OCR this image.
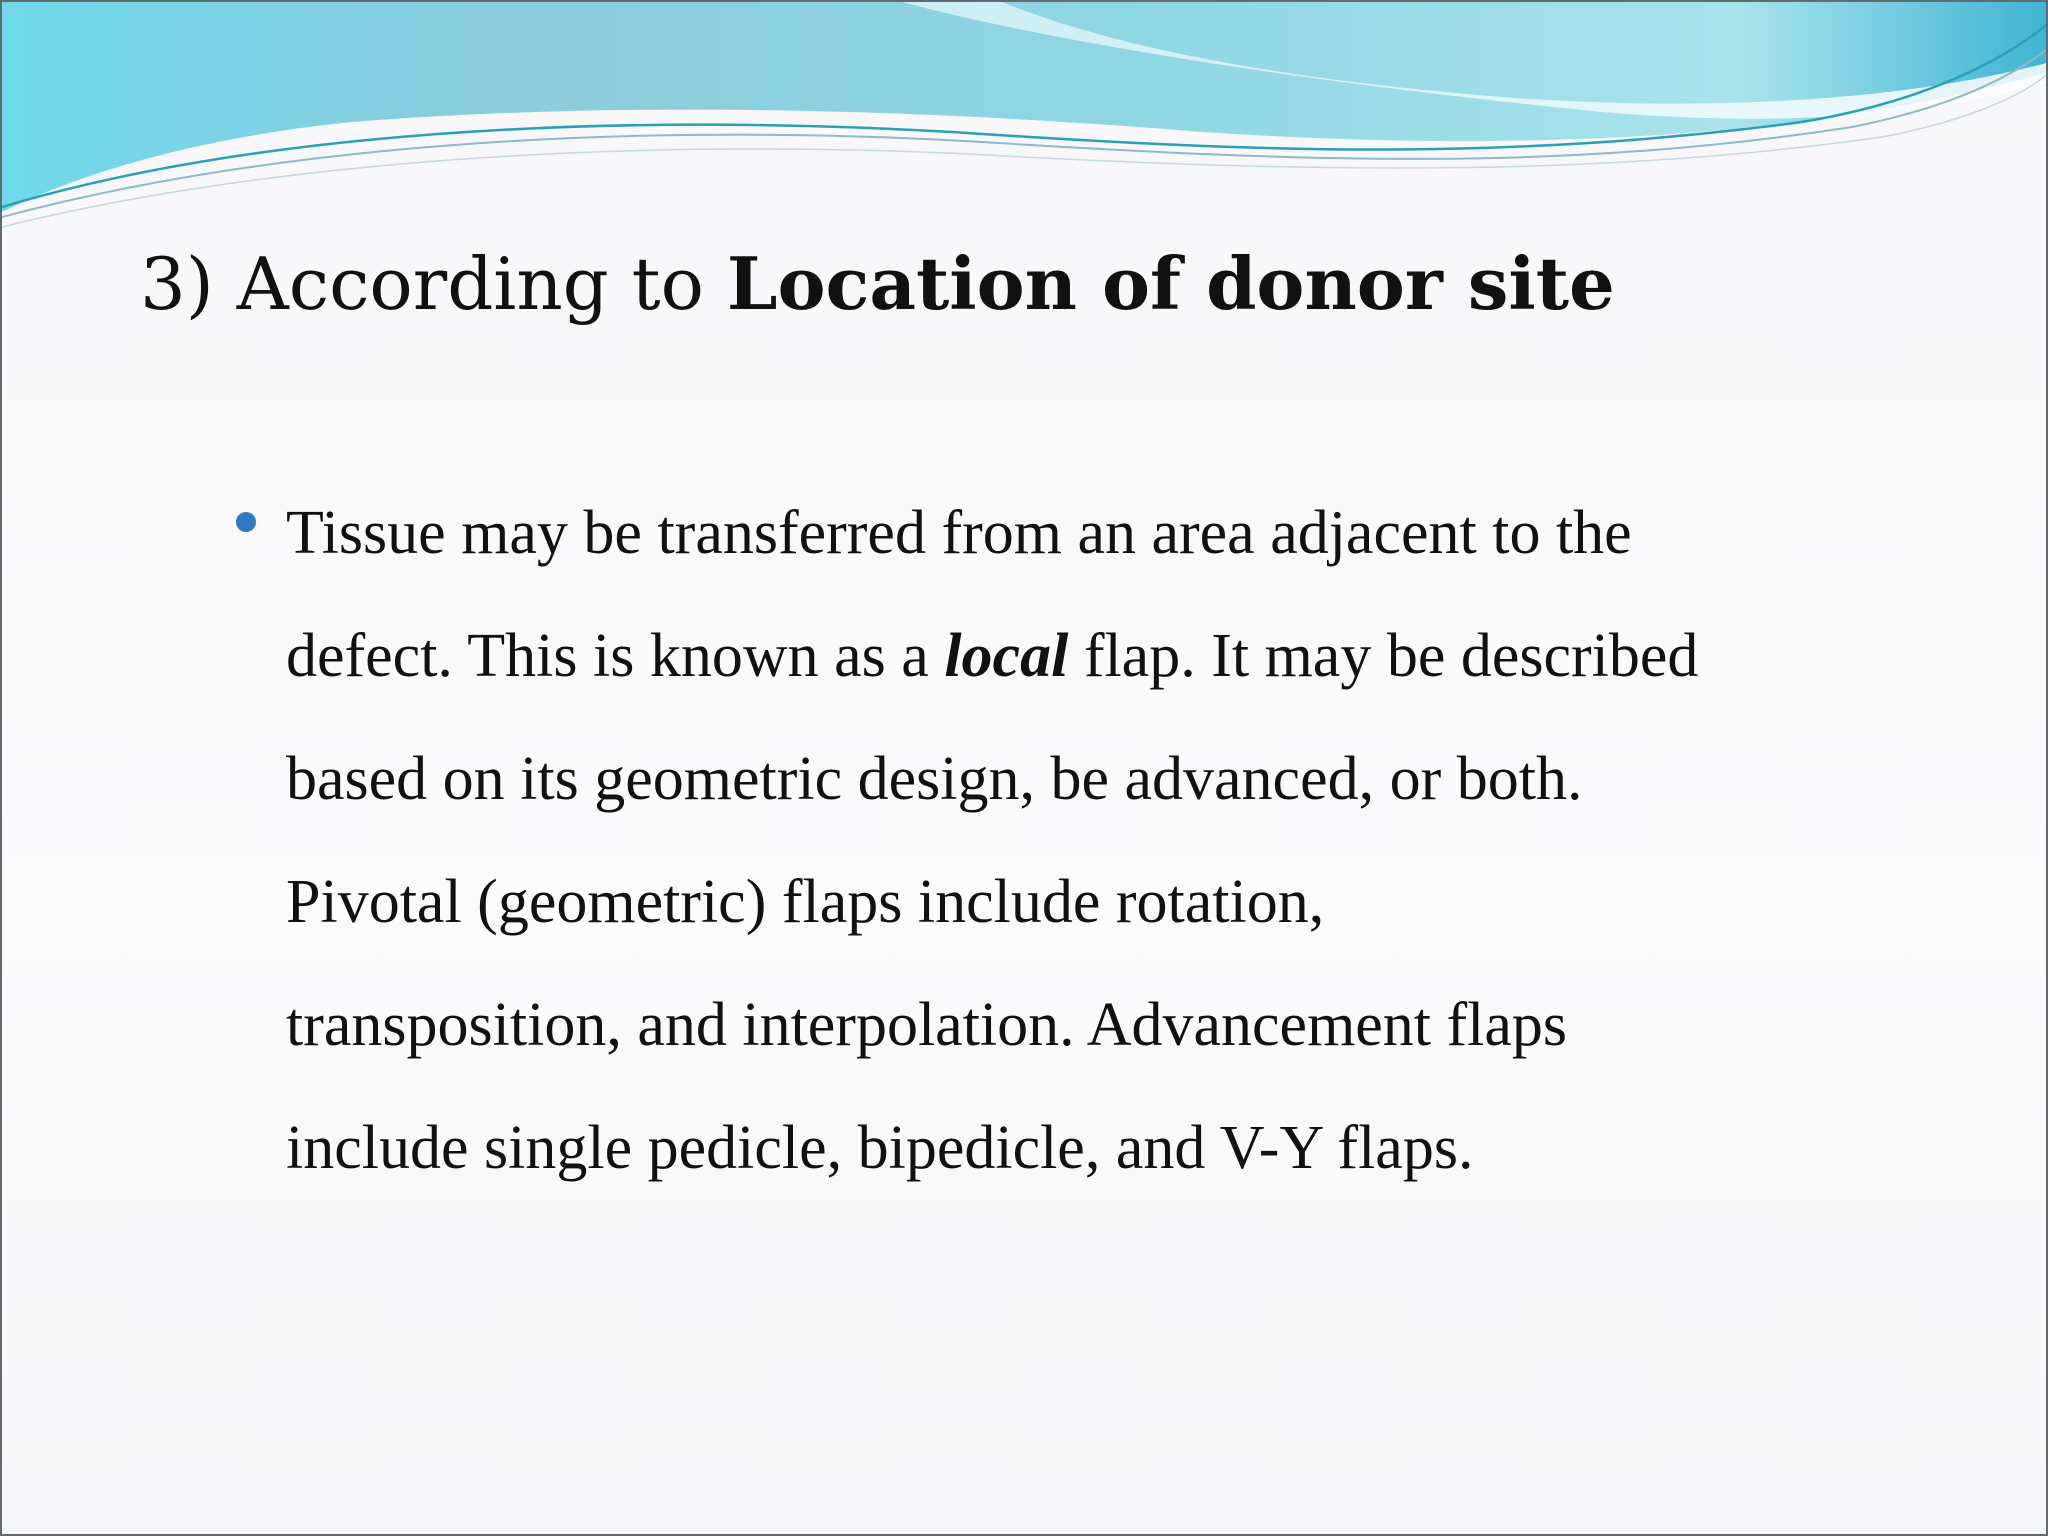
3) According to Location of donor site
Tissue may be transferred from an area adjacent to the
defect. This is known as a local flap. It may be described
based on its geometric design, be advanced, or both.
Pivotal (geometric) flaps include rotation,
transposition, and interpolation. Advancement flaps
include single pedicle, bipedicle, and V-Y flaps.
